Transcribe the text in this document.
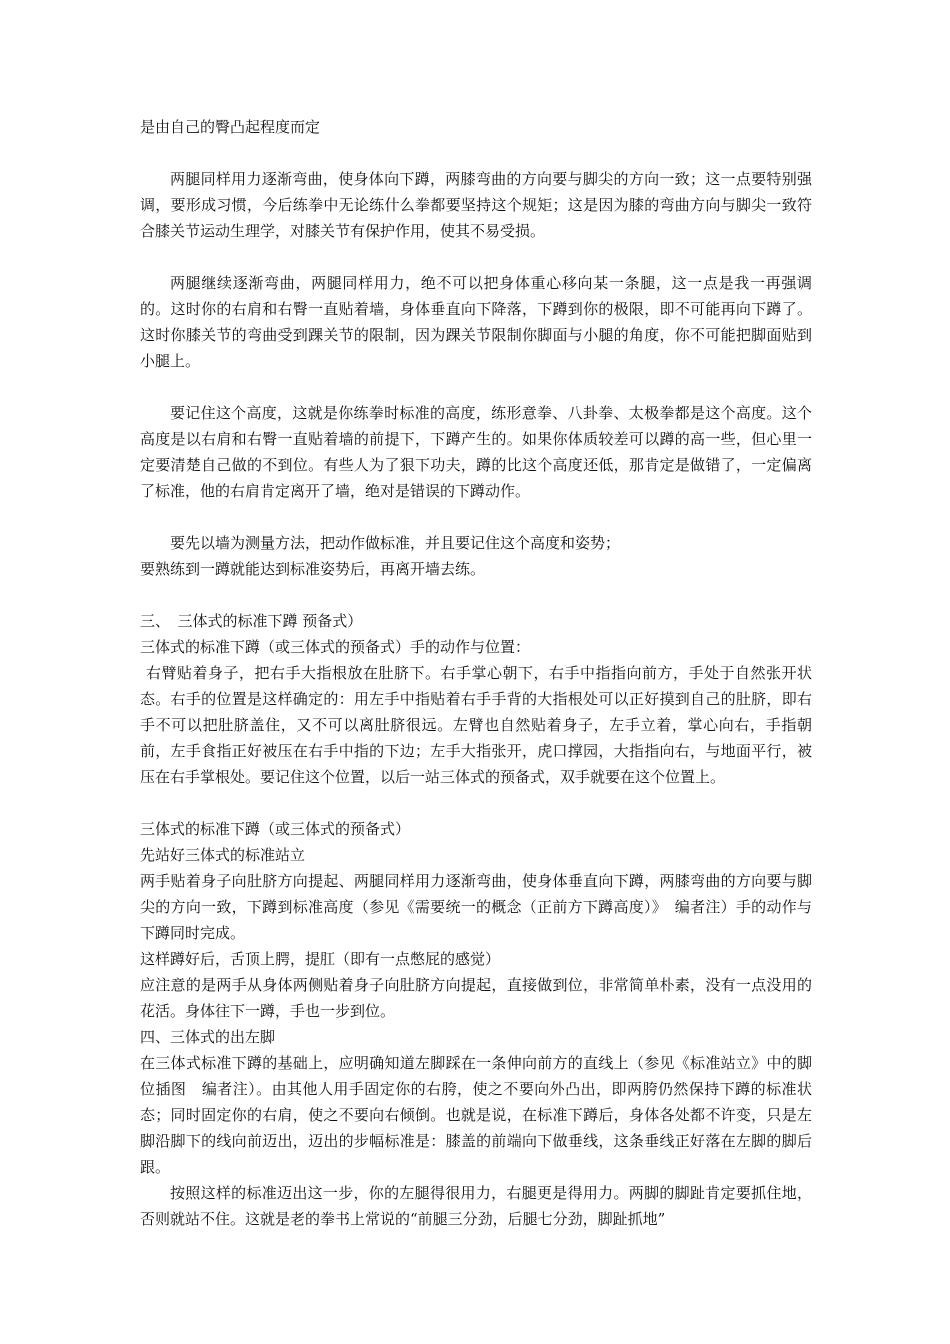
是由自己的臀凸起程度而定

两腿同样用力逐渐弯曲，使身体向下蹲，两膝弯曲的方向要与脚尖的方向一致；这一点要特别强调，要形成习惯，今后练拳中无论练什么拳都要坚持这个规矩；这是因为膝的弯曲方向与脚尖一致符合膝关节运动生理学，对膝关节有保护作用，使其不易受损。

两腿继续逐渐弯曲，两腿同样用力，绝不可以把身体重心移向某一条腿，这一点是我一再强调的。这时你的右肩和右臀一直贴着墙，身体垂直向下降落，下蹲到你的极限，即不可能再向下蹲了。这时你膝关节的弯曲受到踝关节的限制，因为踝关节限制你脚面与小腿的角度，你不可能把脚面贴到小腿上。

要记住这个高度，这就是你练拳时标准的高度，练形意拳、八卦拳、太极拳都是这个高度。这个高度是以右肩和右臀一直贴着墙的前提下，下蹲产生的。如果你体质较差可以蹲的高一些，但心里一定要清楚自己做的不到位。有些人为了狠下功夫，蹲的比这个高度还低，那肯定是做错了，一定偏离了标准，他的右肩肯定离开了墙，绝对是错误的下蹲动作。

要先以墙为测量方法，把动作做标准，并且要记住这个高度和姿势；

要熟练到一蹲就能达到标准姿势后，再离开墙去练。

三、　三体式的标准下蹲 预备式）

三体式的标准下蹲（或三体式的预备式）手的动作与位置：

右臂贴着身子，把右手大指根放在肚脐下。右手掌心朝下，右手中指指向前方，手处于自然张开状态。右手的位置是这样确定的：用左手中指贴着右手手背的大指根处可以正好摸到自己的肚脐，即右手不可以把肚脐盖住，又不可以离肚脐很远。左臂也自然贴着身子，左手立着，掌心向右，手指朝前，左手食指正好被压在右手中指的下边；左手大指张开，虎口撑园，大指指向右，与地面平行，被压在右手掌根处。要记住这个位置，以后一站三体式的预备式，双手就要在这个位置上。

三体式的标准下蹲（或三体式的预备式）

先站好三体式的标准站立

两手贴着身子向肚脐方向提起、两腿同样用力逐渐弯曲，使身体垂直向下蹲，两膝弯曲的方向要与脚尖的方向一致，下蹲到标准高度（参见《需要统一的概念（正前方下蹲高度）》　编者注）手的动作与下蹲同时完成。

这样蹲好后，舌顶上腭，提肛（即有一点憋屁的感觉）

应注意的是两手从身体两侧贴着身子向肚脐方向提起，直接做到位，非常简单朴素，没有一点没用的花活。身体往下一蹲，手也一步到位。

四、三体式的出左脚

在三体式标准下蹲的基础上，应明确知道左脚踩在一条伸向前方的直线上（参见《标准站立》中的脚位插图　编者注）。由其他人用手固定你的右胯，使之不要向外凸出，即两胯仍然保持下蹲的标准状态；同时固定你的右肩，使之不要向右倾倒。也就是说，在标准下蹲后，身体各处都不许变，只是左脚沿脚下的线向前迈出，迈出的步幅标准是：膝盖的前端向下做垂线，这条垂线正好落在左脚的脚后跟。

按照这样的标准迈出这一步，你的左腿得很用力，右腿更是得用力。两脚的脚趾肯定要抓住地，否则就站不住。这就是老的拳书上常说的“前腿三分劲，后腿七分劲，脚趾抓地”
